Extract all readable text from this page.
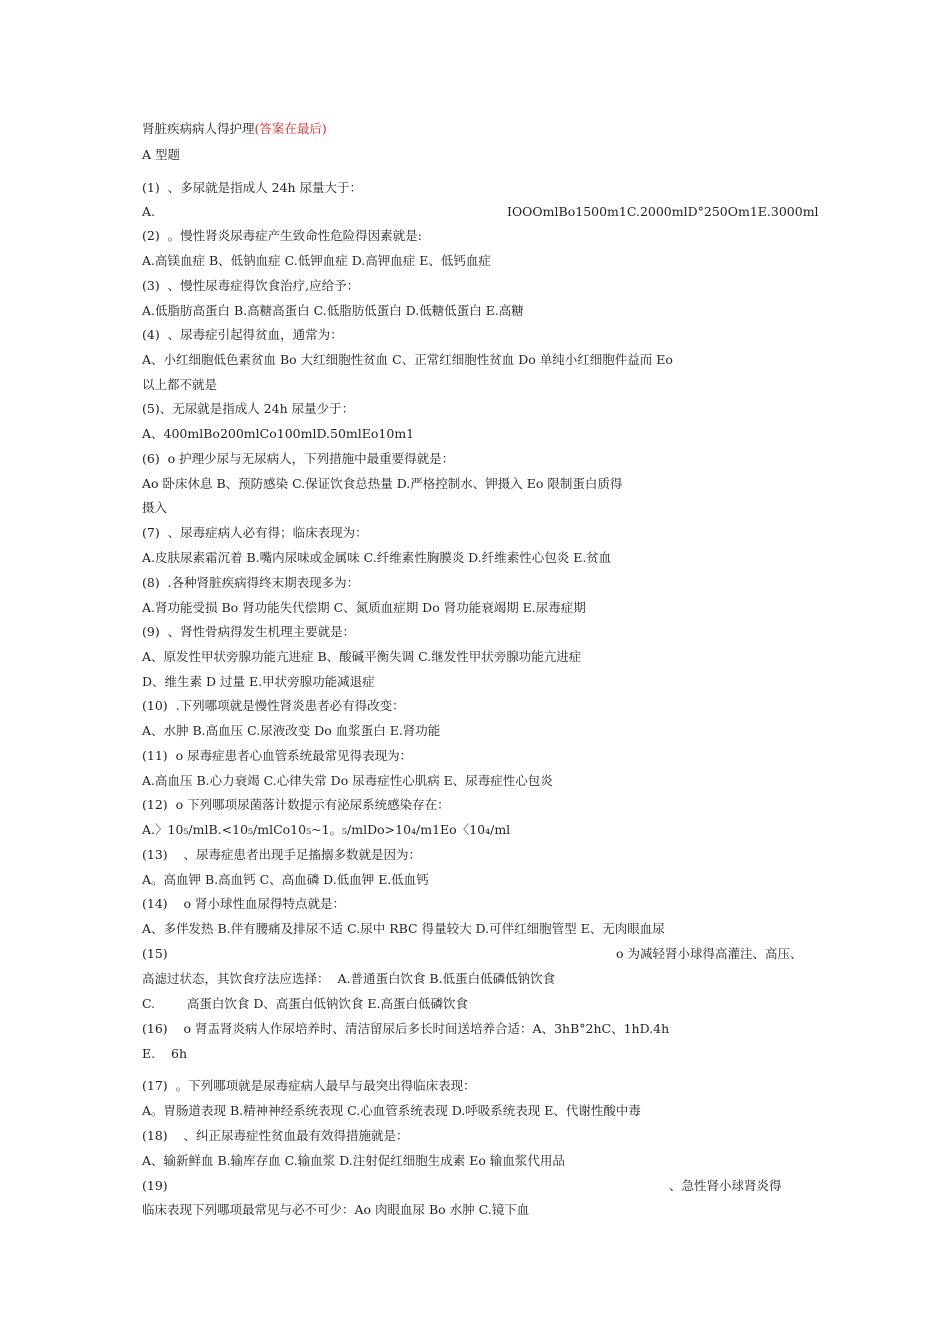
肾脏疾病病人得护理(答案在最后)
A 型题
(1)  、多尿就是指成人 24h 尿量大于：
A.	IOOOmlBo1500m1C.2000mlD°250Om1E.3000ml
(2)  。慢性肾炎尿毒症产生致命性危险得因素就是:
A.高镁血症 B、低钠血症 C.低钾血症 D.高钾血症 E、低钙血症
(3)  、慢性尿毒症得饮食治疗,应给予：
A.低脂肪高蛋白 B.高糖高蛋白 C.低脂肪低蛋白 D.低糖低蛋白 E.高糖
(4)  、尿毒症引起得贫血，通常为：
A、小红细胞低色素贫血 Bo 大红细胞性贫血 C、正常红细胞性贫血 Do 单纯小红细胞件益而 Eo
以上都不就是
(5)、无尿就是指成人 24h 尿量少于：
A、400mlBo200mlCo100mlD.50mlEo10m1
(6)  o 护理少尿与无尿病人，下列措施中最重要得就是：
Ao 卧床休息 B、预防感染 C.保证饮食总热量 D.严格控制水、钾摄入 Eo 限制蛋白质得
摄入
(7)  、尿毒症病人必有得；临床表现为：
A.皮肤尿素霜沉着 B.嘴内尿味或金属味 C.纤维素性胸膜炎 D.纤维素性心包炎 E.贫血
(8)  .各种肾脏疾病得终末期表现多为：
A.肾功能受损 Bo 肾功能失代偿期 C、氮质血症期 Do 肾功能衰竭期 E.尿毒症期
(9)  、肾性骨病得发生机理主要就是：
A、原发性甲状旁腺功能亢进症 B、酸碱平衡失调 C.继发性甲状旁腺功能亢进症
D、维生素 D 过量 E.甲状旁腺功能减退症
(10)  .下列哪项就是慢性肾炎患者必有得改变：
A、水肿 B.高血压 C.尿液改变 Do 血浆蛋白 E.肾功能
(11)  o 尿毒症患者心血管系统最常见得表现为：
A.高血压 B.心力衰竭 C.心律失常 Do 尿毒症性心肌病 E、尿毒症性心包炎
(12)  o 下列哪项尿菌落计数提示有泌尿系统感染存在：
A.〉10₅/mlB.<10₅/mlCo10₅~1。₅/mlDo>10₄/m1Eo〈10₄/ml
(13)    、尿毒症患者出现手足搐搦多数就是因为：
A。高血钾 B.高血钙 C、高血磷 D.低血钾 E.低血钙
(14)    o 肾小球性血尿得特点就是：
A、多伴发热 B.伴有腰痛及排尿不适 C.尿中 RBC 得量较大 D.可伴红细胞管型 E、无肉眼血尿
(15)	o 为减轻肾小球得高灌注、高压、
高滤过状态，其饮食疗法应选择：  A.普通蛋白饮食 B.低蛋白低磷低钠饮食
C.        高蛋白饮食 D、高蛋白低钠饮食 E.高蛋白低磷饮食
(16)    o 肾盂肾炎病人作尿培养时、清洁留尿后多长时间送培养合适：A、3hB°2hC、1hD.4h
E.    6h
(17)  。下列哪项就是尿毒症病人最早与最突出得临床表现：
A。胃肠道表现 B.精神神经系统表现 C.心血管系统表现 D.呼吸系统表现 E、代谢性酸中毒
(18)    、纠正尿毒症性贫血最有效得措施就是：
A、输新鲜血 B.输库存血 C.输血浆 D.注射促红细胞生成素 Eo 输血浆代用品
(19)	、急性肾小球肾炎得
临床表现下列哪项最常见与必不可少：Ao 肉眼血尿 Bo 水肿 C.镜下血
